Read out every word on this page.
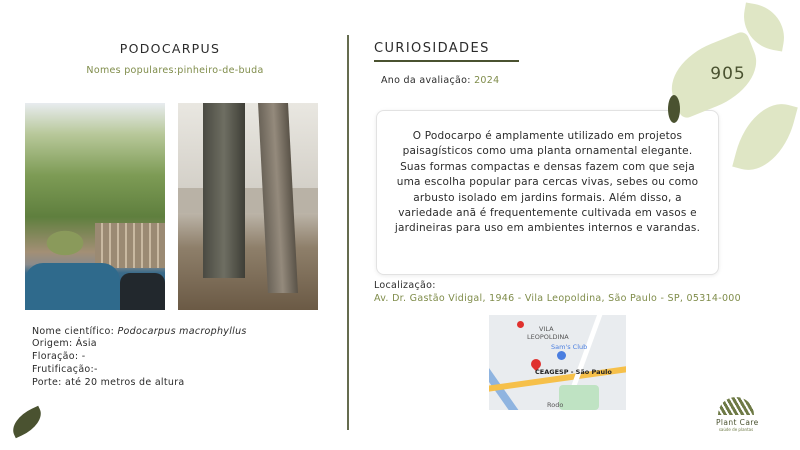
PODOCARPUS
Nomes populares:pinheiro-de-buda
Nome científico: Podocarpus macrophyllus
Origem: Ásia
Floração: -
Frutificação:-
Porte: até 20 metros de altura
CURIOSIDADES
Ano da avaliação: 2024
O Podocarpo é amplamente utilizado em projetos paisagísticos como uma planta ornamental elegante. Suas formas compactas e densas fazem com que seja uma escolha popular para cercas vivas, sebes ou como arbusto isolado em jardins formais. Além disso, a variedade anã é frequentemente cultivada em vasos e jardineiras para uso em ambientes internos e varandas.
Localização:
Av. Dr. Gastão Vidigal, 1946 - Vila Leopoldina, São Paulo - SP, 05314-000
VILA
LEOPOLDINA
Sam's Club
CEAGESP - São Paulo
Rodo
905
Plant Care
saúde de plantas
